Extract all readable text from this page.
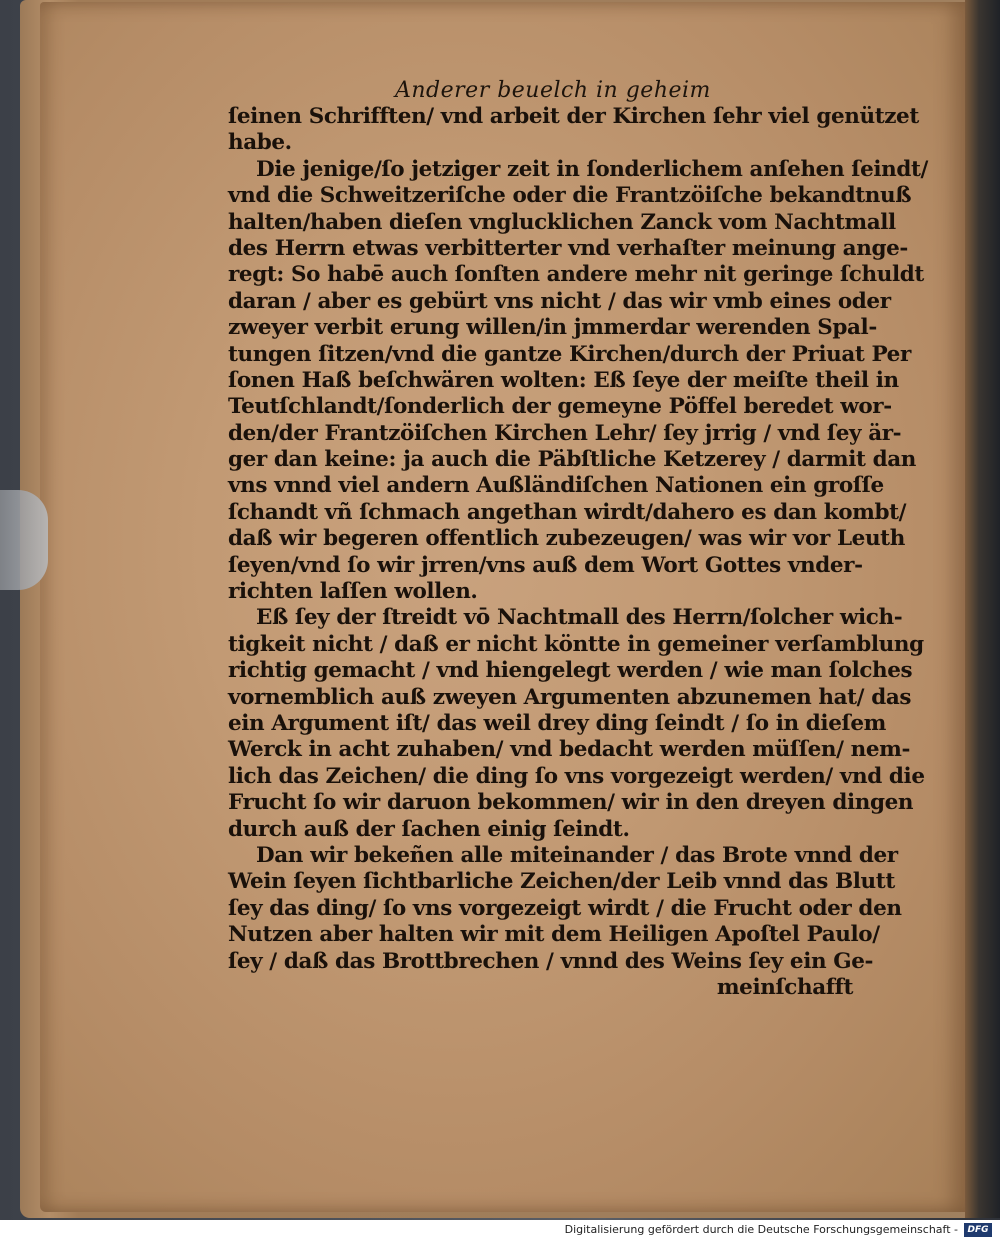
Anderer beuelch in geheim
ſeinen Schrifften/ vnd arbeit der Kirchen ſehr viel genützet
habe.
Die jenige/ſo jetziger zeit in ſonderlichem anſehen ſeindt/
vnd die Schweitzeriſche oder die Frantzöiſche bekandtnuß
halten/haben dieſen vnglucklichen Zanck vom Nachtmall
des Herrn etwas verbitterter vnd verhaſter meinung ange-
regt: So habē auch ſonſten andere mehr nit geringe ſchuldt
daran / aber es gebürt vns nicht / das wir vmb eines oder
zweyer verbit erung willen/in jmmerdar werenden Spal-
tungen ſitzen/vnd die gantze Kirchen/durch der Priuat Per
ſonen Haß beſchwären wolten: Eß ſeye der meiſte theil in
Teutſchlandt/ſonderlich der gemeyne Pöffel beredet wor-
den/der Frantzöiſchen Kirchen Lehr/ ſey jrrig / vnd ſey är-
ger dan keine: ja auch die Päbſtliche Ketzerey / darmit dan
vns vnnd viel andern Außländiſchen Nationen ein groſſe
ſchandt vñ ſchmach angethan wirdt/dahero es dan kombt/
daß wir begeren offentlich zubezeugen/ was wir vor Leuth
ſeyen/vnd ſo wir jrren/vns auß dem Wort Gottes vnder-
richten laſſen wollen.
Eß ſey der ſtreidt vō Nachtmall des Herrn/ſolcher wich-
tigkeit nicht / daß er nicht köntte in gemeiner verſamblung
richtig gemacht / vnd hiengelegt werden / wie man ſolches
vornemblich auß zweyen Argumenten abzunemen hat/ das
ein Argument iſt/ das weil drey ding ſeindt / ſo in dieſem
Werck in acht zuhaben/ vnd bedacht werden müſſen/ nem-
lich das Zeichen/ die ding ſo vns vorgezeigt werden/ vnd die
Frucht ſo wir daruon bekommen/ wir in den dreyen dingen
durch auß der ſachen einig ſeindt.
Dan wir bekeñen alle miteinander / das Brote vnnd der
Wein ſeyen ſichtbarliche Zeichen/der Leib vnnd das Blutt
ſey das ding/ ſo vns vorgezeigt wirdt / die Frucht oder den
Nutzen aber halten wir mit dem Heiligen Apoſtel Paulo/
ſey / daß das Brottbrechen / vnnd des Weins ſey ein Ge-
meinſchafft
Digitalisierung gefördert durch die Deutsche Forschungsgemeinschaft -	DFG
